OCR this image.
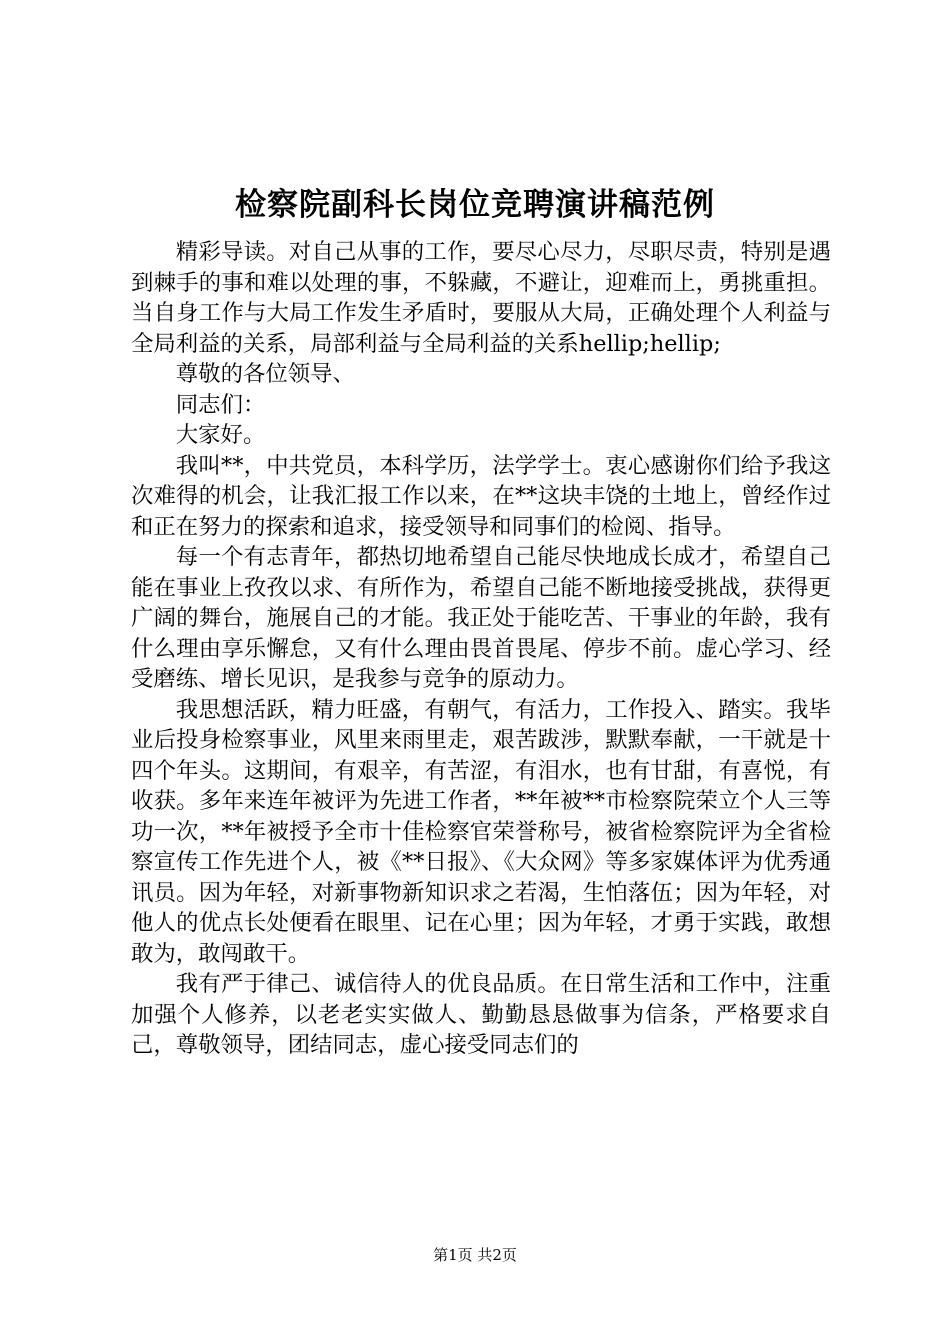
检察院副科长岗位竞聘演讲稿范例

精彩导读。对自己从事的工作，要尽心尽力，尽职尽责，特别是遇到棘手的事和难以处理的事，不躲藏，不避让，迎难而上，勇挑重担。当自身工作与大局工作发生矛盾时，要服从大局，正确处理个人利益与全局利益的关系，局部利益与全局利益的关系hellip;hellip;

尊敬的各位领导、

同志们：

大家好。

我叫**，中共党员，本科学历，法学学士。衷心感谢你们给予我这次难得的机会，让我汇报工作以来，在**这块丰饶的土地上，曾经作过和正在努力的探索和追求，接受领导和同事们的检阅、指导。

每一个有志青年，都热切地希望自己能尽快地成长成才，希望自己能在事业上孜孜以求、有所作为，希望自己能不断地接受挑战，获得更广阔的舞台，施展自己的才能。我正处于能吃苦、干事业的年龄，我有什么理由享乐懈怠，又有什么理由畏首畏尾、停步不前。虚心学习、经受磨练、增长见识，是我参与竞争的原动力。

我思想活跃，精力旺盛，有朝气，有活力，工作投入、踏实。我毕业后投身检察事业，风里来雨里走，艰苦跋涉，默默奉献，一干就是十四个年头。这期间，有艰辛，有苦涩，有泪水，也有甘甜，有喜悦，有收获。多年来连年被评为先进工作者，**年被**市检察院荣立个人三等功一次，**年被授予全市十佳检察官荣誉称号，被省检察院评为全省检察宣传工作先进个人，被《**日报》、《大众网》等多家媒体评为优秀通讯员。因为年轻，对新事物新知识求之若渴，生怕落伍；因为年轻，对他人的优点长处便看在眼里、记在心里；因为年轻，才勇于实践，敢想敢为，敢闯敢干。

我有严于律己、诚信待人的优良品质。在日常生活和工作中，注重加强个人修养，以老老实实做人、勤勤恳恳做事为信条，严格要求自己，尊敬领导，团结同志，虚心接受同志们的

第1页 共2页
